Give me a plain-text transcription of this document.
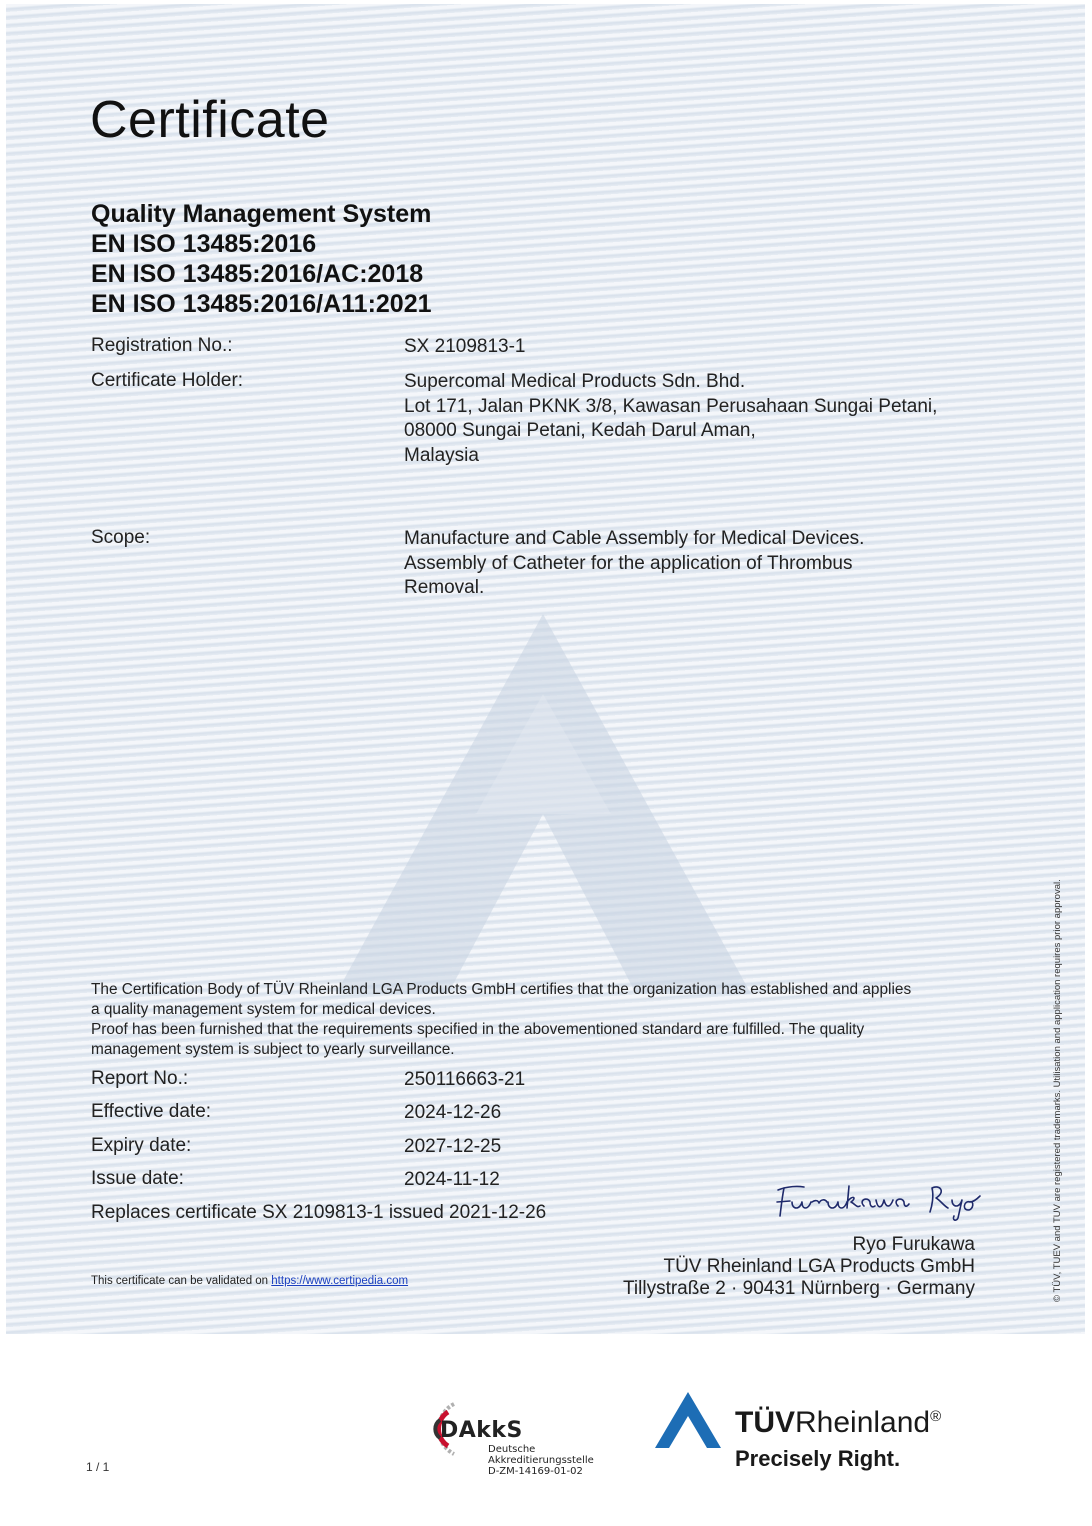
Certificate
Quality Management System
EN ISO 13485:2016
EN ISO 13485:2016/AC:2018
EN ISO 13485:2016/A11:2021
Registration No.:	SX 2109813-1
Certificate Holder:	Supercomal Medical Products Sdn. Bhd.
Lot 171, Jalan PKNK 3/8, Kawasan Perusahaan Sungai Petani,
08000 Sungai Petani, Kedah Darul Aman,
Malaysia
Scope:	Manufacture and Cable Assembly for Medical Devices.
Assembly of Catheter for the application of Thrombus
Removal.
The Certification Body of TÜV Rheinland LGA Products GmbH certifies that the organization has established and applies
a quality management system for medical devices.
Proof has been furnished that the requirements specified in the abovementioned standard are fulfilled. The quality
management system is subject to yearly surveillance.
Report No.:	250116663-21
Effective date:	2024-12-26
Expiry date:	2027-12-25
Issue date:	2024-11-12
Replaces certificate SX 2109813-1 issued 2021-12-26
This certificate can be validated on https://www.certipedia.com
Ryo Furukawa
TÜV Rheinland LGA Products GmbH
Tillystraße 2 · 90431 Nürnberg · Germany	© TÜV, TUEV and TUV are registered trademarks. Utilisation and application requires prior approval.
1 / 1
DAkkS
Deutsche
Akkreditierungsstelle
D-ZM-14169-01-02
TÜVRheinland®
Precisely Right.
